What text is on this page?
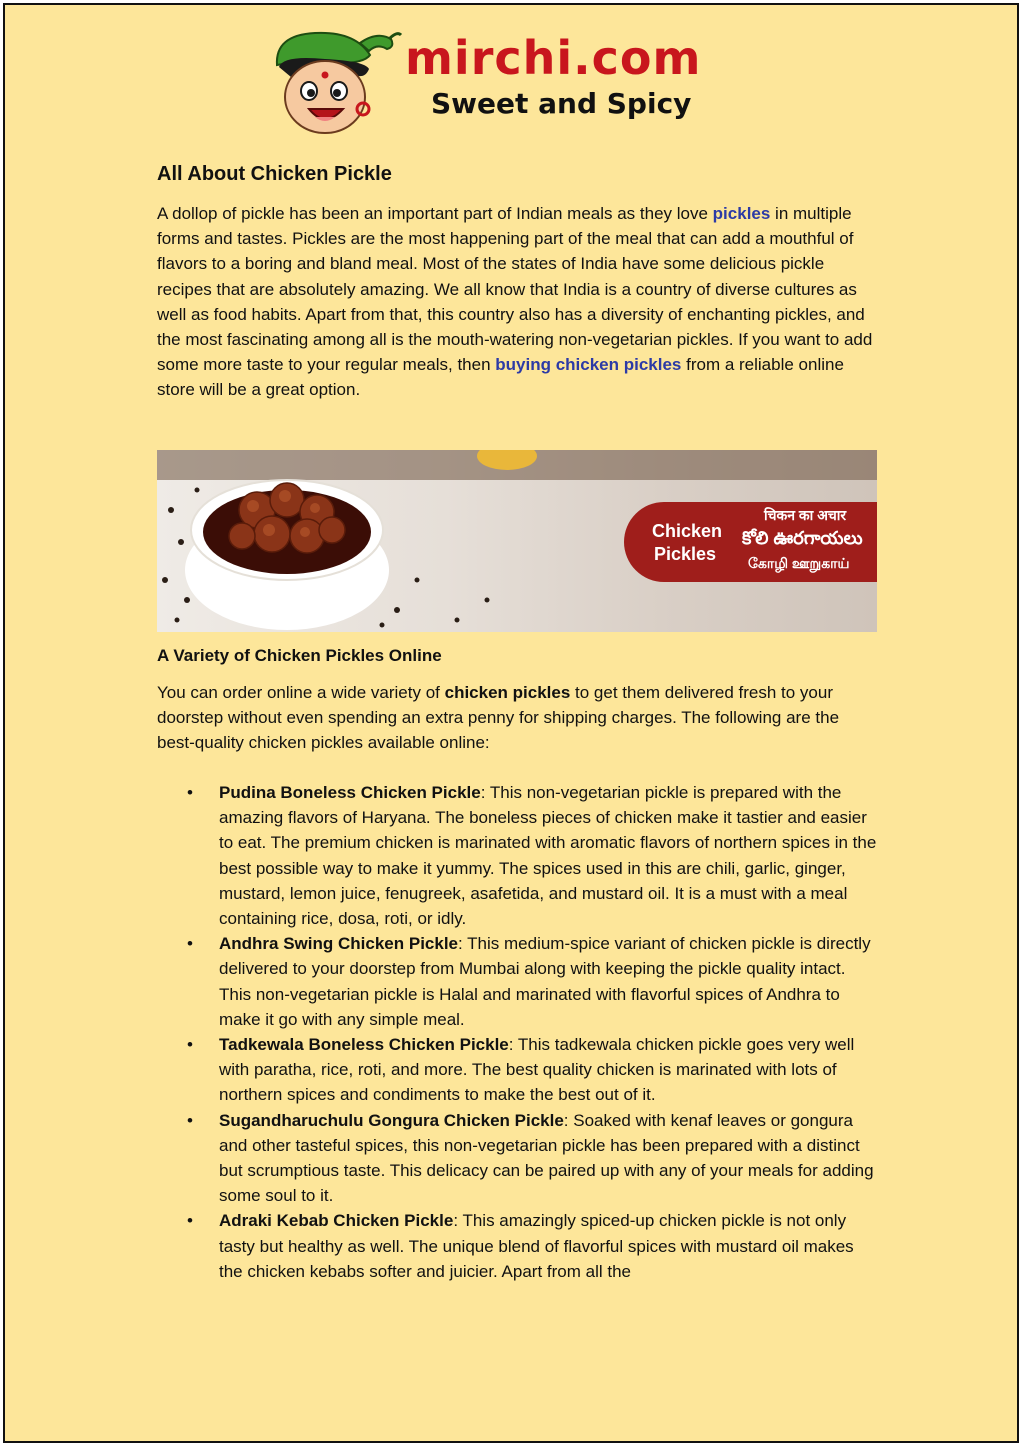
mirchi.com
Sweet and Spicy
All About Chicken Pickle

A dollop of pickle has been an important part of Indian meals as they love pickles in multiple forms and tastes. Pickles are the most happening part of the meal that can add a mouthful of flavors to a boring and bland meal. Most of the states of India have some delicious pickle recipes that are absolutely amazing. We all know that India is a country of diverse cultures as well as food habits. Apart from that, this country also has a diversity of enchanting pickles, and the most fascinating among all is the mouth-watering non-vegetarian pickles. If you want to add some more taste to your regular meals, then buying chicken pickles from a reliable online store will be a great option.

Chicken Pickles
चिकन का अचार
కోలి ఊరగాయలు
கோழி ஊறுகாய்
A Variety of Chicken Pickles Online

You can order online a wide variety of chicken pickles to get them delivered fresh to your doorstep without even spending an extra penny for shipping charges. The following are the best-quality chicken pickles available online:

• Pudina Boneless Chicken Pickle: This non-vegetarian pickle is prepared with the amazing flavors of Haryana. The boneless pieces of chicken make it tastier and easier to eat. The premium chicken is marinated with aromatic flavors of northern spices in the best possible way to make it yummy. The spices used in this are chili, garlic, ginger, mustard, lemon juice, fenugreek, asafetida, and mustard oil. It is a must with a meal containing rice, dosa, roti, or idly.
• Andhra Swing Chicken Pickle: This medium-spice variant of chicken pickle is directly delivered to your doorstep from Mumbai along with keeping the pickle quality intact. This non-vegetarian pickle is Halal and marinated with flavorful spices of Andhra to make it go with any simple meal.
• Tadkewala Boneless Chicken Pickle: This tadkewala chicken pickle goes very well with paratha, rice, roti, and more. The best quality chicken is marinated with lots of northern spices and condiments to make the best out of it.
• Sugandharuchulu Gongura Chicken Pickle: Soaked with kenaf leaves or gongura and other tasteful spices, this non-vegetarian pickle has been prepared with a distinct but scrumptious taste. This delicacy can be paired up with any of your meals for adding some soul to it.
• Adraki Kebab Chicken Pickle: This amazingly spiced-up chicken pickle is not only tasty but healthy as well. The unique blend of flavorful spices with mustard oil makes the chicken kebabs softer and juicier. Apart from all the
